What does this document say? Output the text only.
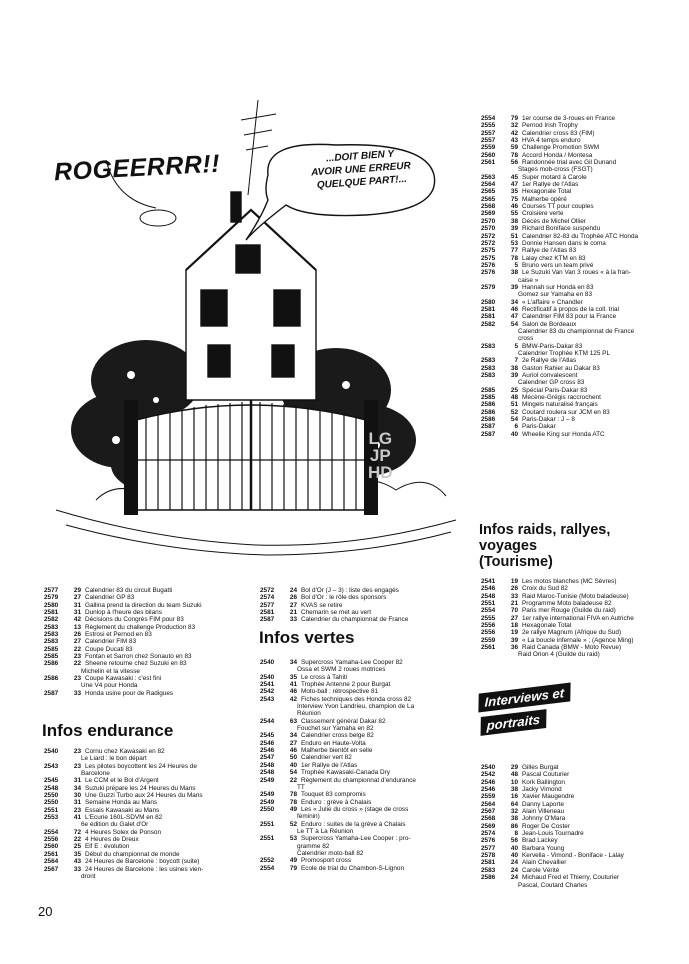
ROGEERRR!!	...DOIT BIEN Y
AVOIR UNE ERREUR
QUELQUE PART!...
LG
JP
HD
2554	79 1er course de 3-roues en France
2555	32 Pernod Irish Trophy
2557	42 Calendrier cross 83 (FIM)
2557	43 HVA 4 temps enduro
2559	59 Challenge Promotion SWM
2560	78 Accord Honda / Montesa
2561	56 Randonnée trial avec Gil Dunand
Stages mob-cross (FSGT)
2563	45 Super motard à Carole
2564	47 1er Rallye de l'Atlas
2565	35 Hexagonale Total
2565	75 Malherbe opéré
2568	46 Courses TT pour couples
2569	55 Croisière verte
2570	38 Décès de Michel Ollier
2570	39 Richard Boniface suspendu
2572	51 Calendrier 82-83 du Trophée ATC Honda
2572	53 Donnie Hansen dans le coma
2575	77 Rallye de l'Atlas 83
2575	78 Lalay chez KTM en 83
2576	5 Bruno vers un team privé
2576	38 Le Suzuki Van Van 3 roues « à la fran-
caise »
2579	39 Hannah sur Honda en 83
Gomez sur Yamaha en 83
2580	34 « L'affaire » Chandler
2581	46 Rectificatif à propos de la coll. trial
2581	47 Calendrier FIM 83 pour la France
2582	54 Salon de Bordeaux
Calendrier 83 du championnat de France
cross
2583	5 BMW-Paris-Dakar 83
Calendrier Trophée KTM 125 PL
2583	7 2e Rallye de l'Atlas
2583	38 Gaston Rahier au Dakar 83
2583	39 Auriol convalescent
Calendrier GP cross 83
2585	25 Spécial Paris-Dakar 83
2585	48 Mécène-Grégis raccrochent
2586	51 Mingels naturalisé français
2586	52 Coutard roulera sur JCM en 83
2586	54 Paris-Dakar : J – 8
2587	6 Paris-Dakar
2587	40 Wheelie King sur Honda ATC
Infos raids, rallyes,
voyages
(Tourisme)
2541	19 Les motos blanches (MC Sèvres)
2546	26 Croix du Sud 82
2548	33 Raid Maroc-Tunisie (Moto baladeuse)
2551	21 Programme Moto baladeuse 82
2554	70 Paris mer Rouge (Guilde du raid)
2555	27 1er rallye international FIVA en Autriche
2556	18 Hexagonale Total
2556	19 2e rallye Magnum (Afrique du Sud)
2559	39 « La boucle infernale » ; (Agence Ming)
2561	36 Raid Canada (BMW - Moto Revue)
Raid Orion 4 (Guilde du raid)
Interviews et
portraits
2540	29 Gilles Burgat
2542	48 Pascal Couturier
2546	10 Kork Ballington
2546	38 Jacky Vimond
2559	16 Xavier Maugendre
2564	64 Danny Laporte
2567	32 Alain Villeneau
2568	38 Johnny O'Mara
2569	86 Roger De Coster
2574	8 Jean-Louis Tournadre
2576	56 Brad Lackey
2577	40 Barbara Young
2578	40 Kervella - Vimond - Boniface - Lalay
2581	24 Alain Chevallier
2583	24 Carole Vérité
2586	24 Michaud Fred et Thierry, Couturier
Pascal, Coutard Charles
2577	29 Calendrier 83 du circuit Bugatti
2579	27 Calendrier GP 83
2580	31 Gallina prend la direction du team Suzuki
2581	31 Dunlop à l'heure des bilans
2582	42 Décisions du Congrès FIM pour 83
2583	13 Règlement du challenge Production 83
2583	26 Estrosi et Pernod en 83
2583	27 Calendrier FIM 83
2585	22 Coupe Ducati 83
2585	23 Fontan et Sarron chez Sonauto en 83
2586	22 Sheene retourne chez Suzuki en 83
Michelin et la vitesse
2586	23 Coupe Kawasaki : c'est fini
Une V4 pour Honda
2587	33 Honda usine pour de Radigues
Infos endurance
2540	23 Cornu chez Kawasaki en 82
Le Liard : le bon départ
2543	23 Les pilotes boycottent les 24 Heures de
Barcelone
2545	31 Le CCM et le Bol d'Argent
2548	34 Suzuki prépare les 24 Heures du Mans
2550	30 Une Guzzi Turbo aux 24 Heures du Mans
2550	31 Semaine Honda au Mans
2551	23 Essais Kawasaki au Mans
2553	41 L'Ecurie 160L-SDVM en 82
6e édition du Galet d'Or
2554	72 4 Heures Solex de Ponson
2556	22 4 Heures de Dreux
2560	25 Elf E : évolution
2561	35 Début du championnat de monde
2564	43 24 Heures de Barcelone : boycott (suite)
2567	33 24 Heures de Barcelone : les usines vien-
dront
2572	24 Bol d'Or (J – 3) : liste des engagés
2574	26 Bol d'Or : le rôle des sponsors
2577	27 KVAS se retire
2581	21 Chemarin se met au vert
2587	33 Calendrier du championnat de France
Infos vertes
2540	34 Supercross Yamaha-Lee Cooper 82
Ossa et SWM 2 roues motrices
2540	35 Le cross à Tahiti
2541	41 Trophée Antenne 2 pour Burgat
2542	46 Moto-ball : rétrospective 81
2543	42 Fiches techniques des Honda cross 82
Interview Yvon Landrieu, champion de La
Réunion
2544	63 Classement général Dakar 82
Fouchet sur Yamaha en 82
2545	34 Calendrier cross belge 82
2546	27 Enduro en Haute-Volta
2546	46 Malherbe bientôt en selle
2547	50 Calendrier vert 82
2548	40 1er Rallye de l'Atlas
2548	54 Trophée Kawasaki-Canada Dry
2549	22 Règlement du championnat d'endurance
TT
2549	78 Touquet 83 compromis
2549	78 Enduro : grève à Chalais
2550	49 Les « Julie du cross » (stage de cross
féminin)
2551	52 Enduro : suites de la grève à Chalais
Le TT à La Réunion
2551	53 Supercross Yamaha-Lee Cooper : pro-
gramme 82
Calendrier moto-ball 82
2552	49 Promosport cross
2554	79 Ecole de trial du Chambon-S-Lignon
20
